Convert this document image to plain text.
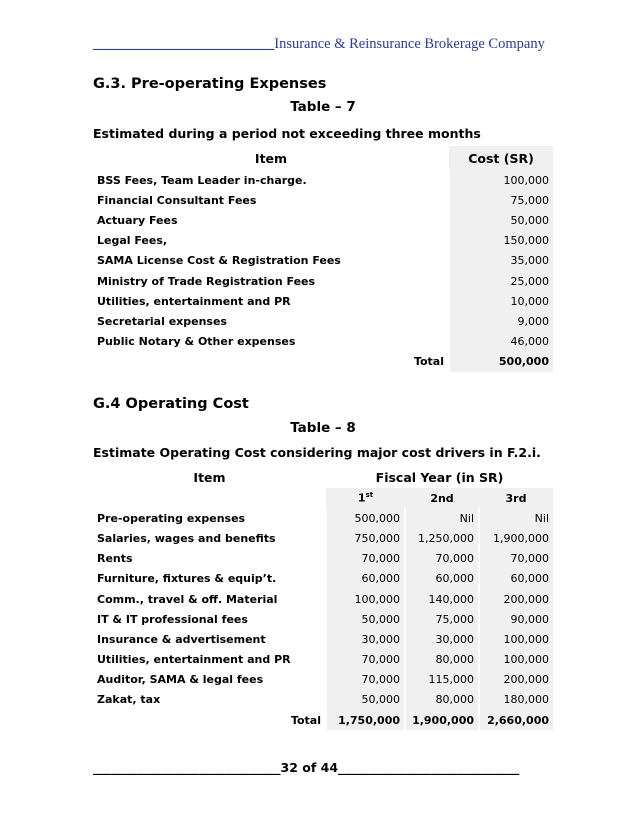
_________________________Insurance & Reinsurance Brokerage Company
G.3. Pre-operating Expenses
Table – 7
Estimated during a period not exceeding three months
Item	Cost (SR)
BSS Fees, Team Leader in-charge.	100,000
Financial Consultant Fees	75,000
Actuary Fees	50,000
Legal Fees,	150,000
SAMA License Cost & Registration Fees	35,000
Ministry of Trade Registration Fees	25,000
Utilities, entertainment and PR	10,000
Secretarial expenses	9,000
Public Notary & Other expenses	46,000
Total	500,000
G.4 Operating Cost
Table – 8
Estimate Operating Cost considering major cost drivers in F.2.i.
Item	Fiscal Year (in SR)		
	1st	2nd	3rd
Pre-operating expenses	500,000	Nil	Nil
Salaries, wages and benefits	750,000	1,250,000	1,900,000
Rents	70,000	70,000	70,000
Furniture, fixtures & equip’t.	60,000	60,000	60,000
Comm., travel & off. Material	100,000	140,000	200,000
IT & IT professional fees	50,000	75,000	90,000
Insurance & advertisement	30,000	30,000	100,000
Utilities, entertainment and PR	70,000	80,000	100,000
Auditor, SAMA & legal fees	70,000	115,000	200,000
Zakat, tax	50,000	80,000	180,000
Total	1,750,000	1,900,000	2,660,000
______________________________32 of 44_____________________________
